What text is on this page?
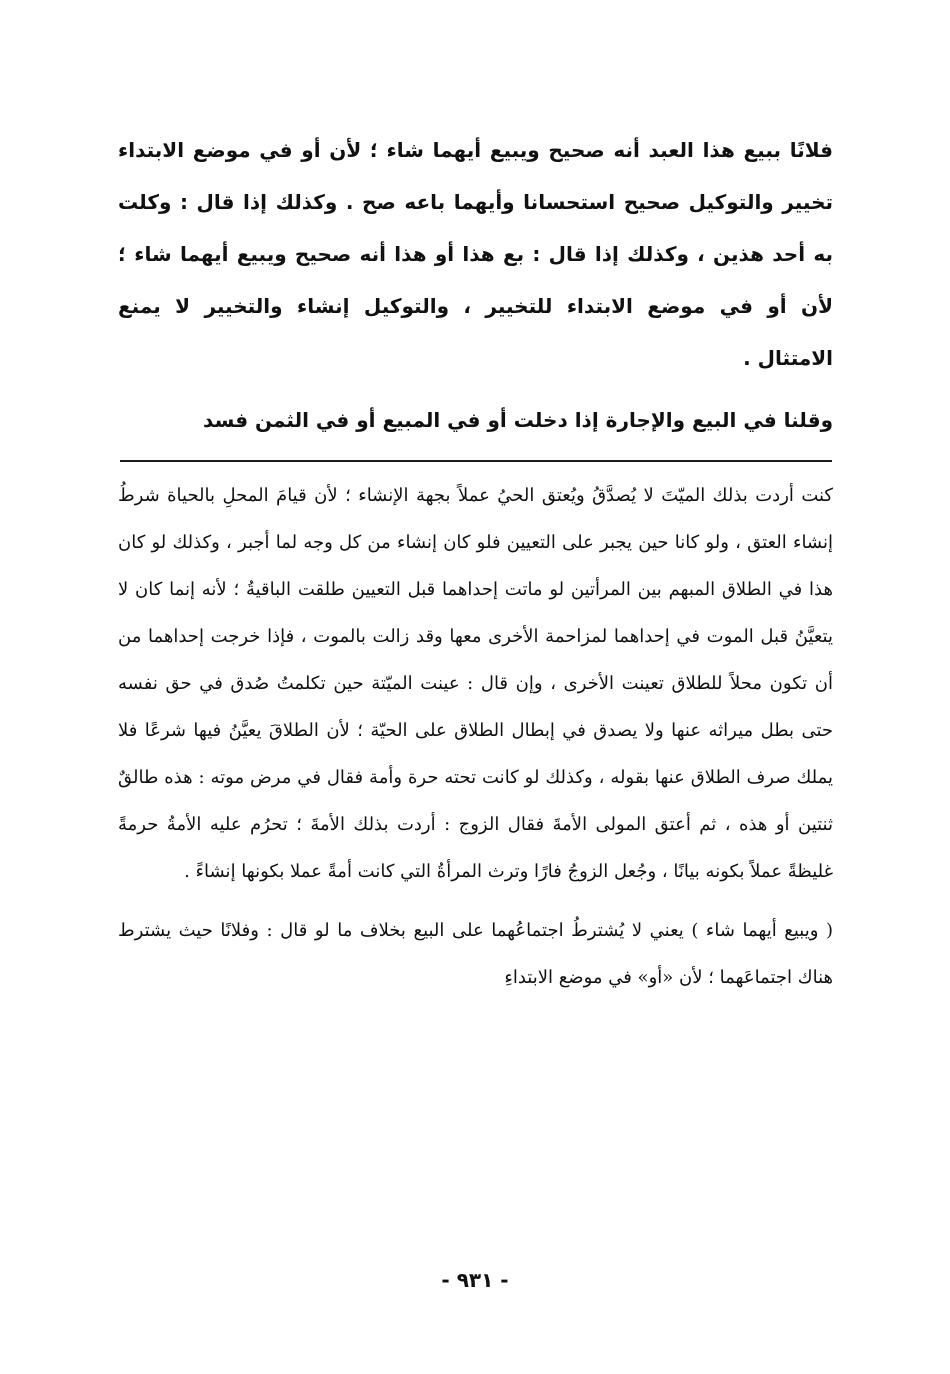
فلانًا ببيع هذا العبد أنه صحيح ويبيع أيهما شاء ؛ لأن أو في موضع الابتداء تخيير والتوكيل صحيح استحسانا وأيهما باعه صح . وكذلك إذا قال : وكلت به أحد هذين ، وكذلك إذا قال : بع هذا أو هذا أنه صحيح ويبيع أيهما شاء ؛ لأن أو في موضع الابتداء للتخيير ، والتوكيل إنشاء والتخيير لا يمنع الامتثال .

وقلنا في البيع والإجارة إذا دخلت أو في المبيع أو في الثمن فسد

كنت أردت بذلك الميّتَ لا يُصدَّقُ ويُعتق الحيُ عملاً بجهة الإنشاء ؛ لأن قيامَ المحلِ بالحياة شرطُ إنشاء العتق ، ولو كانا حين يجبر على التعيين فلو كان إنشاء من كل وجه لما أجبر ، وكذلك لو كان هذا في الطلاق المبهم بين المرأتين لو ماتت إحداهما قبل التعيين طلقت الباقيةُ ؛ لأنه إنما كان لا يتعيَّنُ قبل الموت في إحداهما لمزاحمة الأخرى معها وقد زالت بالموت ، فإذا خرجت إحداهما من أن تكون محلاً للطلاق تعينت الأخرى ، وإن قال : عينت الميّتة حين تكلمتُ صُدق في حق نفسه حتى بطل ميراثه عنها ولا يصدق في إبطال الطلاق على الحيّة ؛ لأن الطلاقَ يعيَّنُ فيها شرعًا فلا يملك صرف الطلاق عنها بقوله ، وكذلك لو كانت تحته حرة وأمة فقال في مرض موته : هذه طالقٌ ثنتين أو هذه ، ثم أعتق المولى الأمةَ فقال الزوج : أردت بذلك الأمةَ ؛ تحرُم عليه الأمةُ حرمةً غليظةً عملاً بكونه بيانًا ، وجُعل الزوجُ فارًا وترث المرأةُ التي كانت أمةً عملا بكونها إنشاءً .

( ويبيع أيهما شاء ) يعني لا يُشترطُ اجتماعُهما على البيع بخلاف ما لو قال : وفلانًا حيث يشترط هناك اجتماعَهما ؛ لأن «أو» في موضع الابتداءِ

- ٩٣١ -
